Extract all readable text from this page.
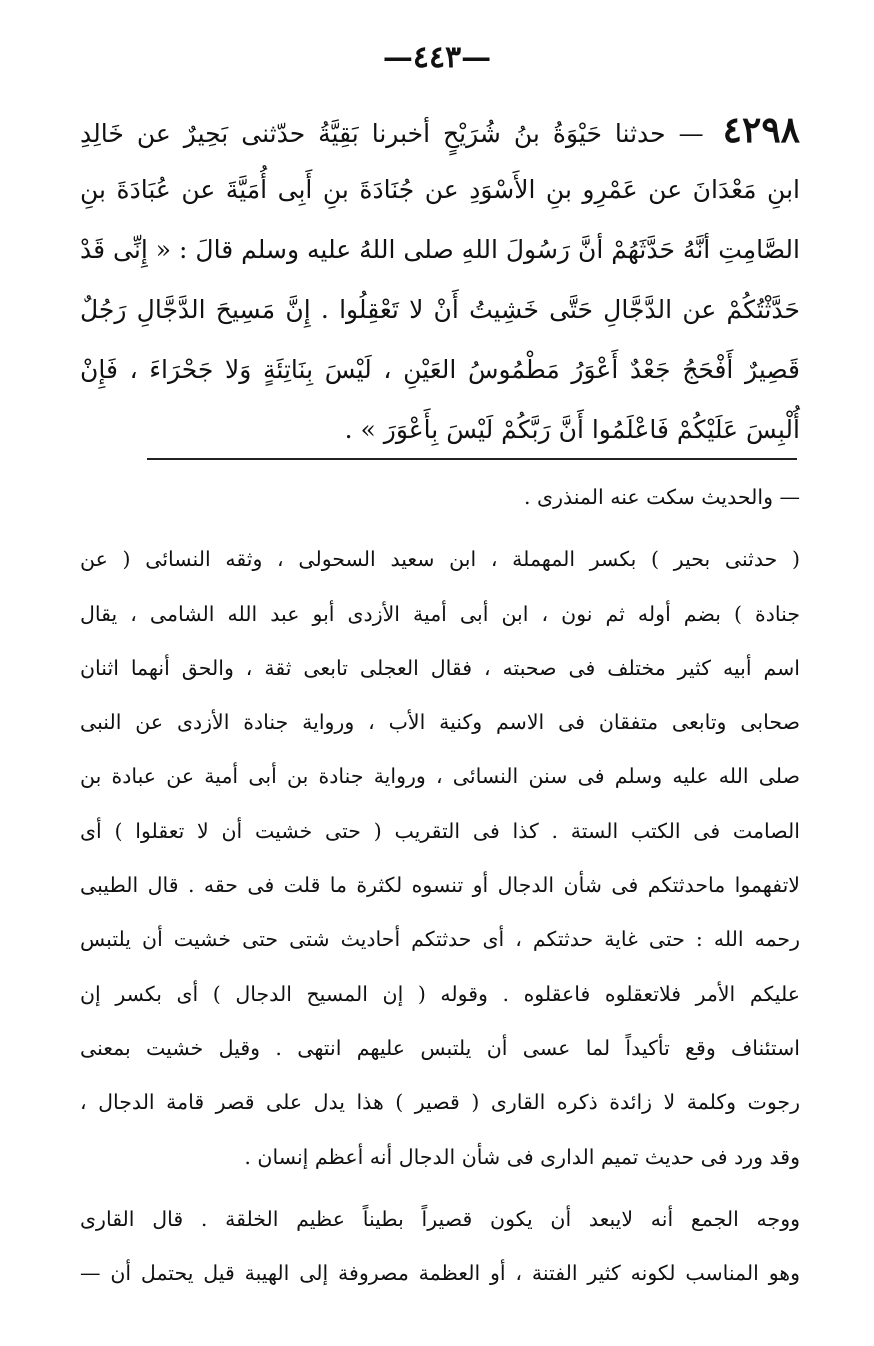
—٤٤٣—
٤٢٩٨ — حدثنا حَيْوَةُ بنُ شُرَيْحٍ أخبرنا بَقِيَّةُ حدّثنى بَحِيرٌ عن خَالِدِ
ابنِ مَعْدَانَ عن عَمْرِو بنِ الأَسْوَدِ عن جُنَادَةَ بنِ أَبِى أُمَيَّةَ عن عُبَادَةَ بنِ
الصَّامِتِ أنَّهُ حَدَّثَهُمْ أنَّ رَسُولَ اللهِ صلى اللهُ عليه وسلم قالَ : « إِنِّى قَدْ
حَدَّثْتُكُمْ عن الدَّجَّالِ حَتَّى خَشِيتُ أَنْ لا تَعْقِلُوا . إِنَّ مَسِيحَ الدَّجَّالِ رَجُلٌ
قَصِيرٌ أَفْحَجُ جَعْدٌ أَعْوَرُ مَطْمُوسُ العَيْنِ ، لَيْسَ بِنَاتِئَةٍ وَلا جَحْرَاءَ ، فَإِنْ
أُلْبِسَ عَلَيْكُمْ فَاعْلَمُوا أَنَّ رَبَّكُمْ لَيْسَ بِأَعْوَرَ » .
— والحديث سكت عنه المنذرى .
( حدثنى بحير ) بكسر المهملة ، ابن سعيد السحولى ، وثقه النسائى ( عن
جنادة ) بضم أوله ثم نون ، ابن أبى أمية الأزدى أبو عبد الله الشامى ، يقال
اسم أبيه كثير مختلف فى صحبته ، فقال العجلى تابعى ثقة ، والحق أنهما اثنان
صحابى وتابعى متفقان فى الاسم وكنية الأب ، ورواية جنادة الأزدى عن النبى
صلى الله عليه وسلم فى سنن النسائى ، ورواية جنادة بن أبى أمية عن عبادة بن
الصامت فى الكتب الستة . كذا فى التقريب ( حتى خشيت أن لا تعقلوا ) أى
لاتفهموا ماحدثتكم فى شأن الدجال أو تنسوه لكثرة ما قلت فى حقه . قال الطيبى
رحمه الله : حتى غاية حدثتكم ، أى حدثتكم أحاديث شتى حتى خشيت أن يلتبس
عليكم الأمر فلاتعقلوه فاعقلوه . وقوله ( إن المسيح الدجال ) أى بكسر إن
استئناف وقع تأكيداً لما عسى أن يلتبس عليهم انتهى . وقيل خشيت بمعنى
رجوت وكلمة لا زائدة ذكره القارى ( قصير ) هذا يدل على قصر قامة الدجال ،
وقد ورد فى حديث تميم الدارى فى شأن الدجال أنه أعظم إنسان .
ووجه الجمع أنه لايبعد أن يكون قصيراً بطيناً عظيم الخلقة . قال القارى
وهو المناسب لكونه كثير الفتنة ، أو العظمة مصروفة إلى الهيبة قيل يحتمل أن —
